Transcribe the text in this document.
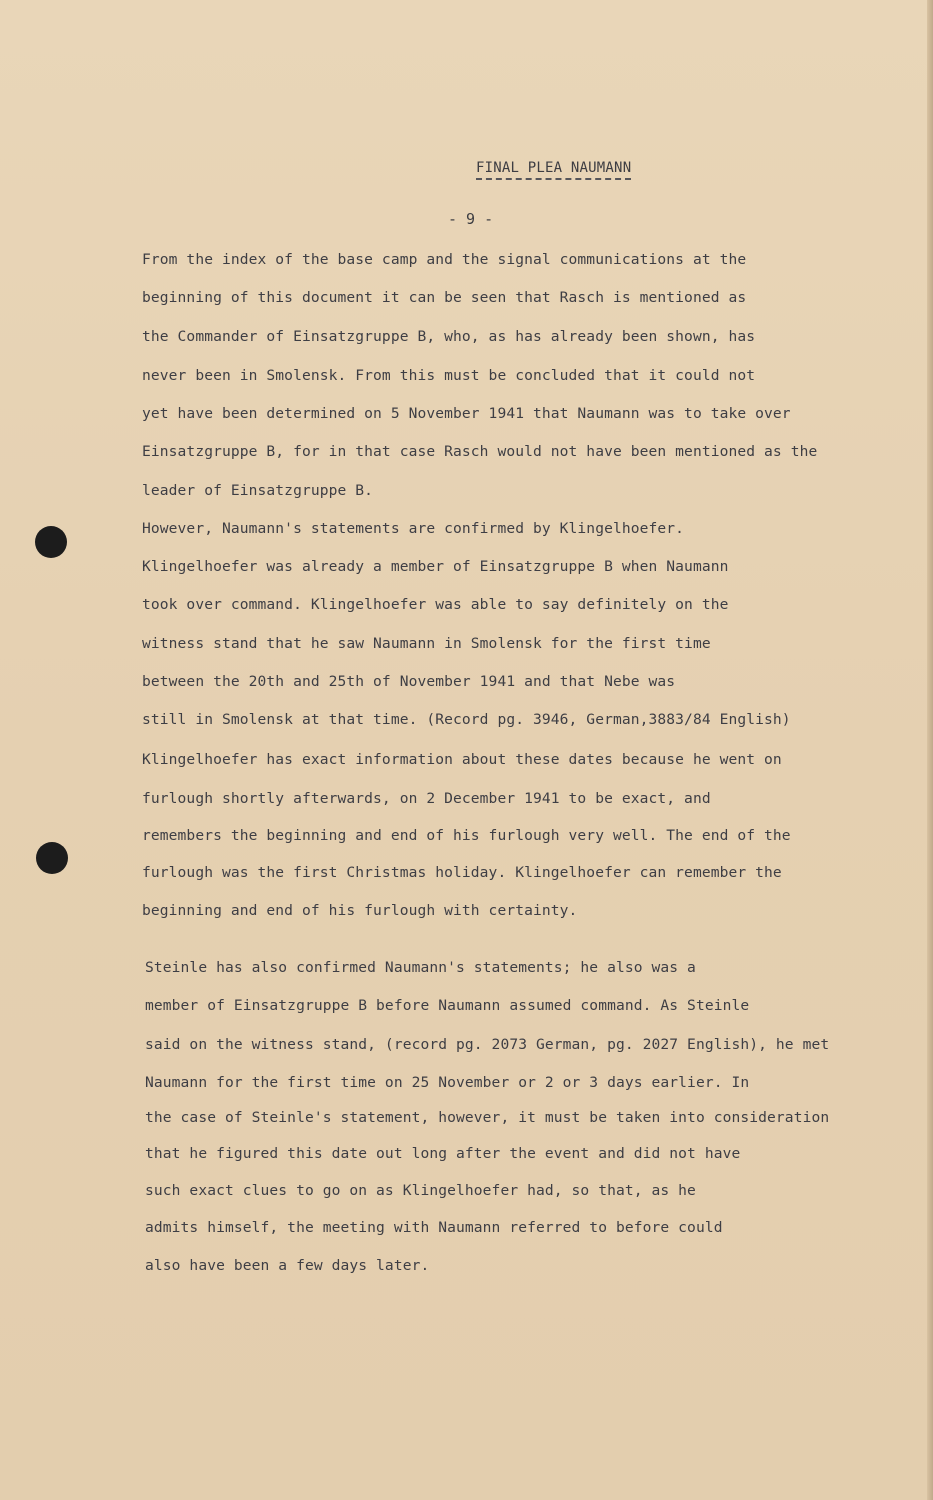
FINAL PLEA NAUMANN
- 9 -
From the index of the base camp and the signal communications at the
beginning of this document it can be seen that Rasch is mentioned as
the Commander of Einsatzgruppe B, who, as has already been shown, has
never been in Smolensk. From this must be concluded that it could not
yet have been determined on 5 November 1941 that Naumann was to take over
Einsatzgruppe B, for in that case Rasch would not have been mentioned as the
leader of Einsatzgruppe B.
However, Naumann's statements are confirmed by Klingelhoefer.
Klingelhoefer was already a member of Einsatzgruppe B when Naumann
took over command. Klingelhoefer was able to say definitely on the
witness stand that he saw Naumann in Smolensk for the first time
between the 20th and 25th of November 1941 and that Nebe was
still in Smolensk at that time. (Record pg. 3946, German,3883/84 English)
Klingelhoefer has exact information about these dates because he went on
furlough shortly afterwards, on 2 December 1941 to be exact, and
remembers the beginning and end of his furlough very well. The end of the
furlough was the first Christmas holiday. Klingelhoefer can remember the
beginning and end of his furlough with certainty.
Steinle has also confirmed Naumann's statements; he also was a
member of Einsatzgruppe B before Naumann assumed command. As Steinle
said on the witness stand, (record pg. 2073 German, pg. 2027 English), he met
Naumann for the first time on 25 November or 2 or 3 days earlier. In
the case of Steinle's statement, however, it must be taken into consideration
that he figured this date out long after the event and did not have
such exact clues to go on as Klingelhoefer had, so that, as he
admits himself, the meeting with Naumann referred to before could
also have been a few days later.
